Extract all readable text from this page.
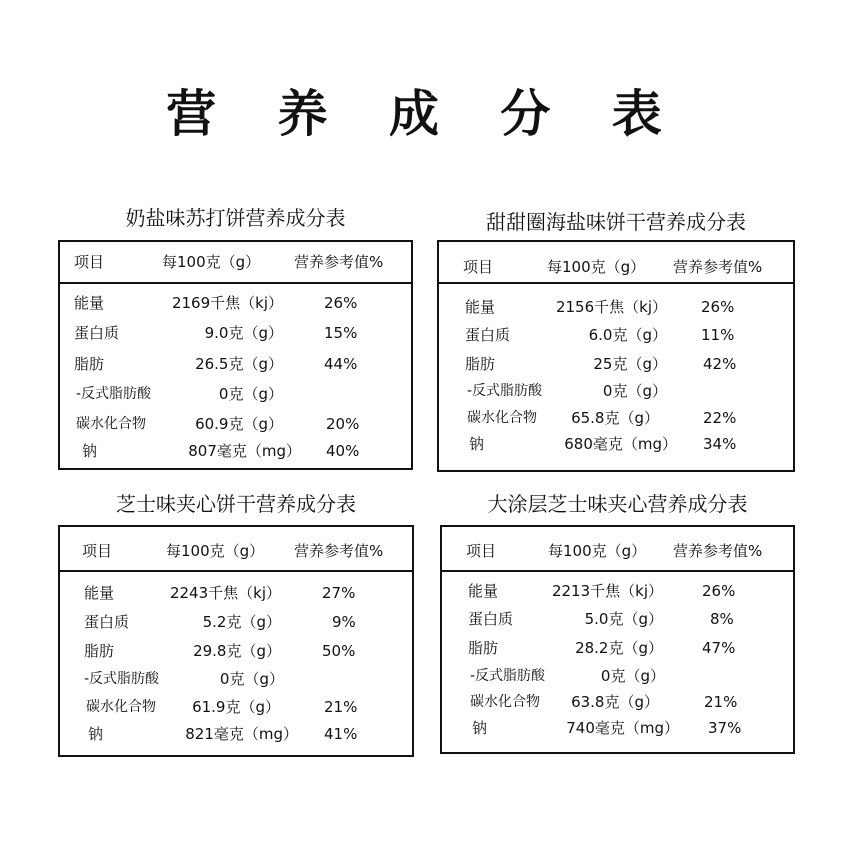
营 养 成 分 表
奶盐味苏打饼营养成分表
项目	每100克（g） 营养参考值%
能量	2169千焦（kj）	26%
蛋白质	9.0克（g）	15%
脂肪	26.5克（g）	44%
-反式脂肪酸	0克（g）
碳水化合物	60.9克（g）	20%
钠	807毫克（mg） 40%
甜甜圈海盐味饼干营养成分表
项目	每100克（g） 营养参考值%
能量	2156千焦（kj） 26%
蛋白质	6.0克（g） 11%
脂肪	25克（g） 42%
-反式脂肪酸	0克（g）
碳水化合物 65.8克（g）	22%
钠	680毫克（mg） 34%
芝士味夹心饼干营养成分表
项目	每100克（g） 营养参考值%
能量	2243千焦（kj）	27%
蛋白质	5.2克（g）	9%
脂肪	29.8克（g）	50%
-反式脂肪酸	0克（g）
碳水化合物 61.9克（g）	21%
钠	821毫克（mg） 41%
大涂层芝士味夹心营养成分表
项目	每100克（g） 营养参考值%
能量	2213千焦（kj）	26%
蛋白质	5.0克（g）	8%
脂肪	28.2克（g）	47%
-反式脂肪酸	0克（g）
碳水化合物 63.8克（g）	21%
钠	740毫克（mg） 37%
